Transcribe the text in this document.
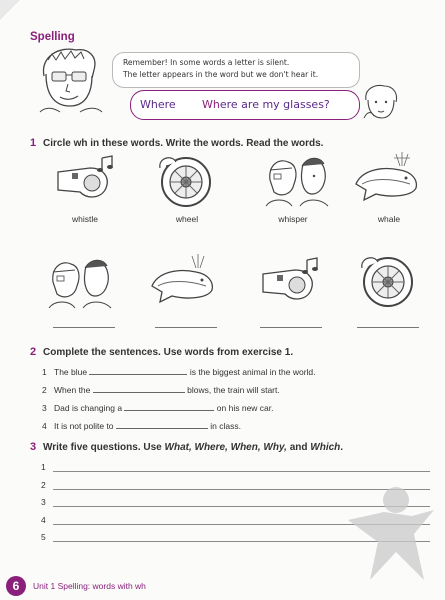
Spelling
Remember! In some words a letter is silent.
The letter appears in the word but we don't hear it.
Where Where are my glasses?
1 Circle wh in these words. Write the words. Read the words.
whistle	wheel	whisper	whale
2 Complete the sentences. Use words from exercise 1.
1 The blue	is the biggest animal in the world.
2 When the	blows, the train will start.
3 Dad is changing a	on his new car.
4 It is not polite to	in class.
3 Write five questions. Use What, Where, When, Why, and Which.
1
2
3
4
5
6	Unit 1 Spelling: words with wh
